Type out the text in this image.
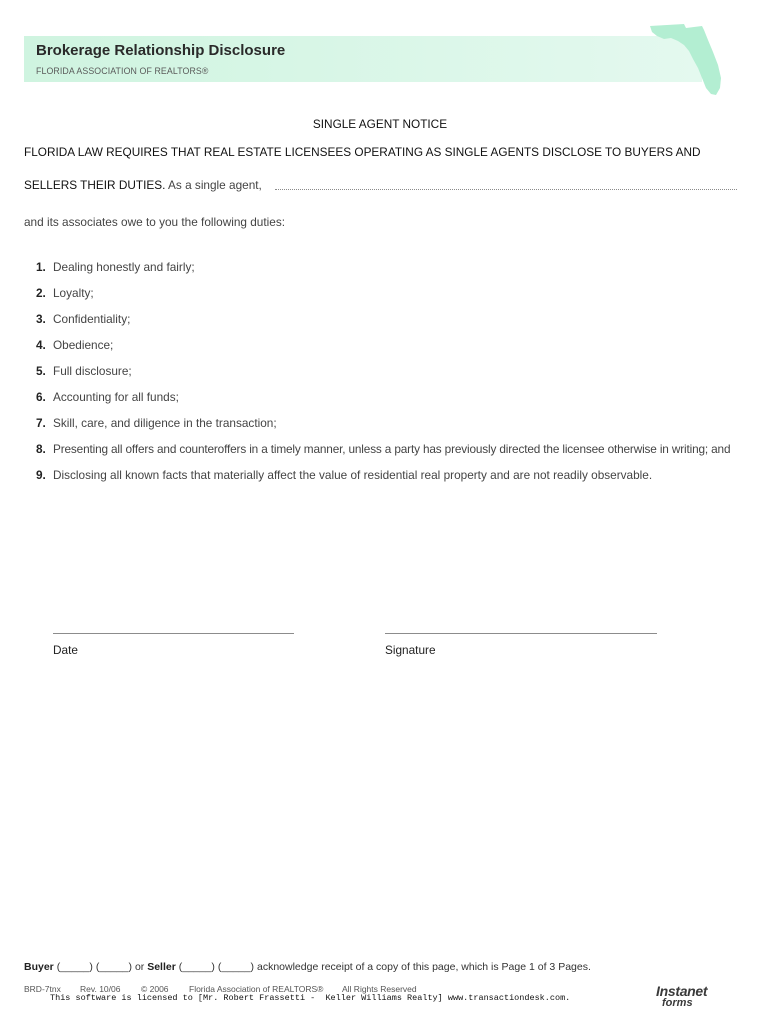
Brokerage Relationship Disclosure
FLORIDA ASSOCIATION OF REALTORS®
SINGLE AGENT NOTICE
FLORIDA LAW REQUIRES THAT REAL ESTATE LICENSEES OPERATING AS SINGLE AGENTS DISCLOSE TO BUYERS AND
SELLERS THEIR DUTIES. As a single agent,
and its associates owe to you the following duties:
1. Dealing honestly and fairly;
2. Loyalty;
3. Confidentiality;
4. Obedience;
5. Full disclosure;
6. Accounting for all funds;
7. Skill, care, and diligence in the transaction;
8. Presenting all offers and counteroffers in a timely manner, unless a party has previously directed the licensee otherwise in writing; and
9. Disclosing all known facts that materially affect the value of residential real property and are not readily observable.
Date	Signature
Buyer (_____) (_____) or Seller (_____) (_____) acknowledge receipt of a copy of this page, which is Page 1 of 3 Pages.
BRD-7tnx Rev. 10/06 © 2006 Florida Association of REALTORS® All Rights Reserved
This software is licensed to [Mr. Robert Frassetti -  Keller Williams Realty] www.transactiondesk.com.	Instanet
forms
